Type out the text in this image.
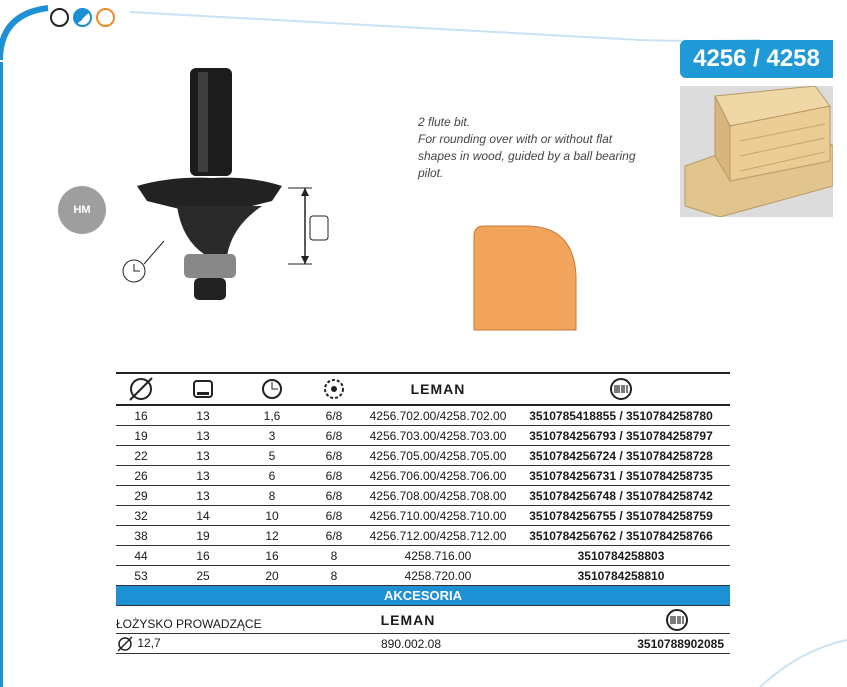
4256 / 4258
HM
2 flute bit.
For rounding over with or without flat shapes in wood, guided by a ball bearing pilot.
				LEMAN	
16	13	1,6	6/8	4256.702.00/4258.702.00	3510785418855 / 3510784258780
19	13	3	6/8	4256.703.00/4258.703.00	3510784256793 / 3510784258797
22	13	5	6/8	4256.705.00/4258.705.00	3510784256724 / 3510784258728
26	13	6	6/8	4256.706.00/4258.706.00	3510784256731 / 3510784258735
29	13	8	6/8	4256.708.00/4258.708.00	3510784256748 / 3510784258742
32	14	10	6/8	4256.710.00/4258.710.00	3510784256755 / 3510784258759
38	19	12	6/8	4256.712.00/4258.712.00	3510784256762 / 3510784258766
44	16	16	8	4258.716.00	3510784258803
53	25	20	8	4258.720.00	3510784258810
AKCESORIA					
ŁOŻYSKO PROWADZĄCE			LEMAN	
12,7		890.002.08			3510788902085
